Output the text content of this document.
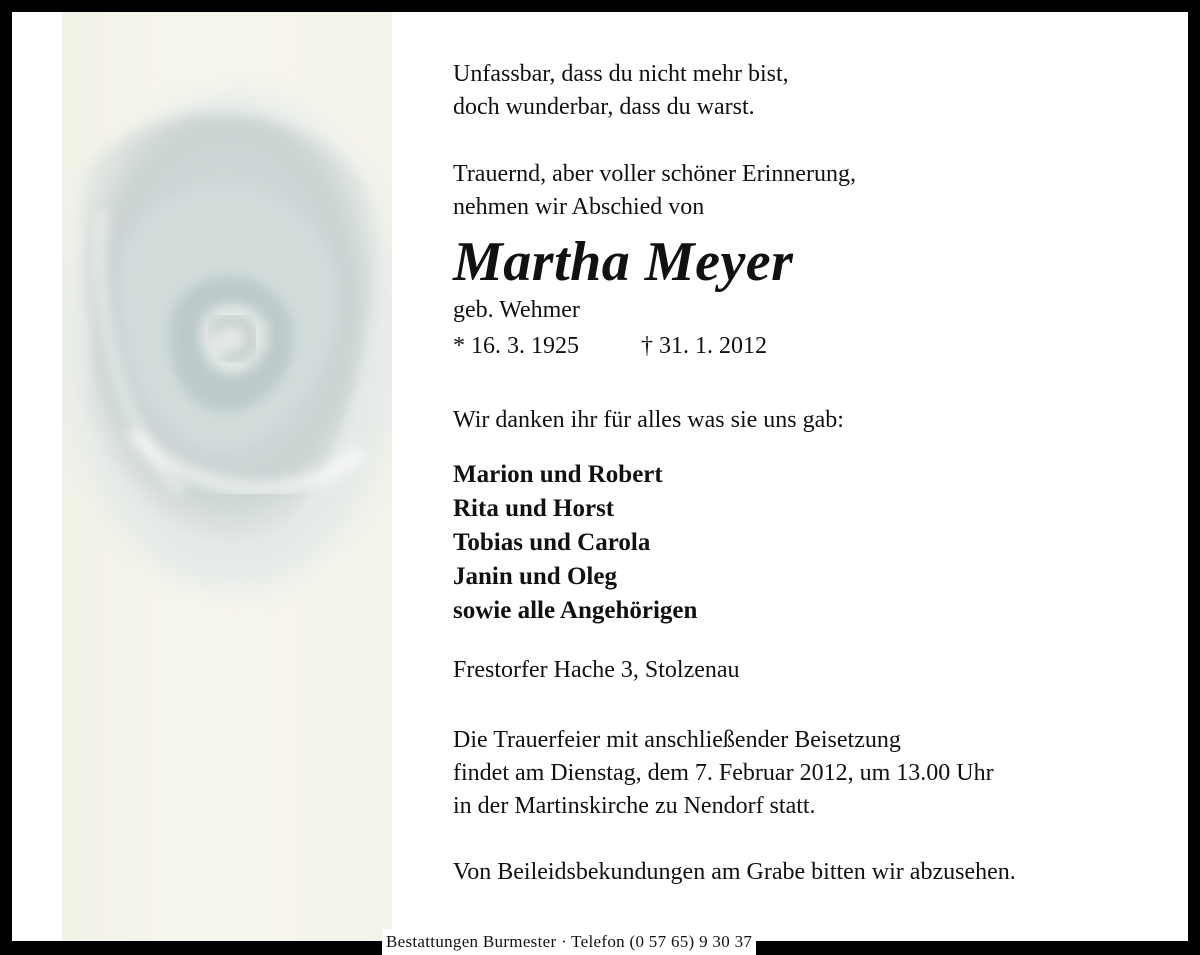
Unfassbar, dass du nicht mehr bist,
doch wunderbar, dass du warst.
Trauernd, aber voller schöner Erinnerung,
nehmen wir Abschied von
Martha Meyer
geb. Wehmer
* 16. 3. 1925	† 31. 1. 2012
Wir danken ihr für alles was sie uns gab:
Marion und Robert
Rita und Horst
Tobias und Carola
Janin und Oleg
sowie alle Angehörigen
Frestorfer Hache 3, Stolzenau
Die Trauerfeier mit anschließender Beisetzung
findet am Dienstag, dem 7. Februar 2012, um 13.00 Uhr
in der Martinskirche zu Nendorf statt.
Von Beileidsbekundungen am Grabe bitten wir abzusehen.
Bestattungen Burmester · Telefon (0 57 65) 9 30 37
